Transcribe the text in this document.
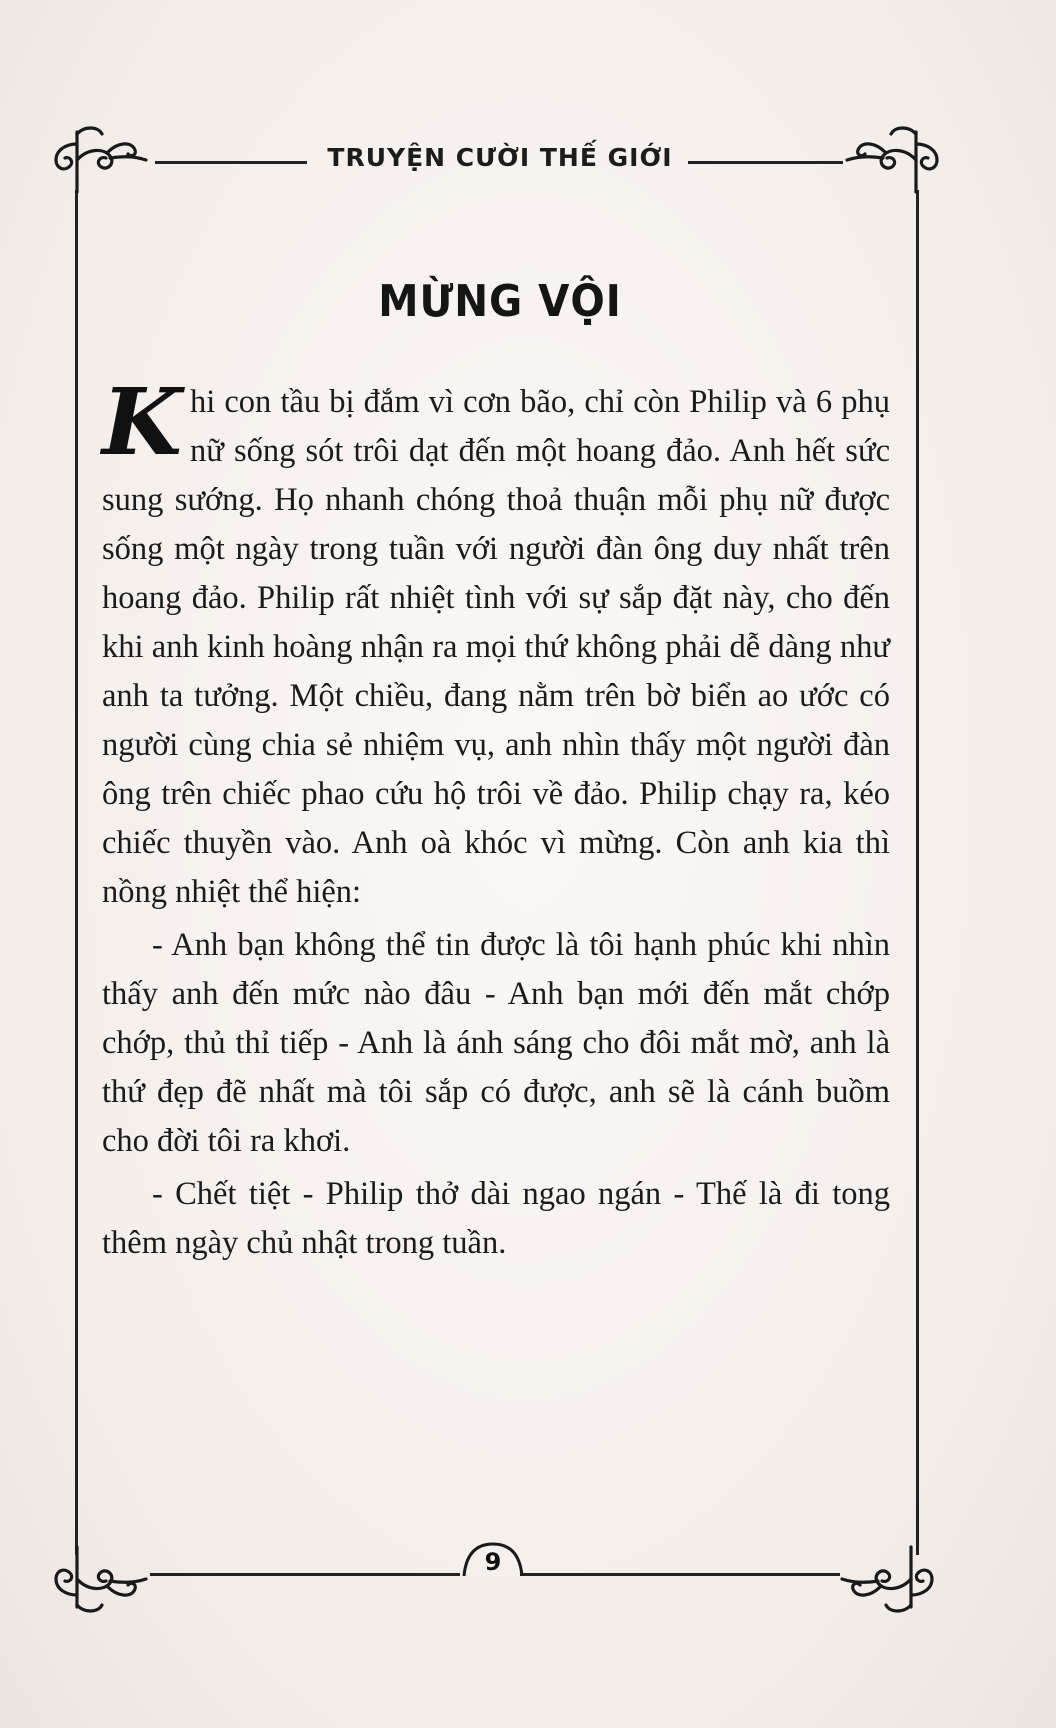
TRUYỆN CƯỜI THẾ GIỚI
MỪNG VỘI

Khi con tầu bị đắm vì cơn bão, chỉ còn Philip và 6 phụ nữ sống sót trôi dạt đến một hoang đảo. Anh hết sức sung sướng. Họ nhanh chóng thoả thuận mỗi phụ nữ được sống một ngày trong tuần với người đàn ông duy nhất trên hoang đảo. Philip rất nhiệt tình với sự sắp đặt này, cho đến khi anh kinh hoàng nhận ra mọi thứ không phải dễ dàng như anh ta tưởng. Một chiều, đang nằm trên bờ biển ao ước có người cùng chia sẻ nhiệm vụ, anh nhìn thấy một người đàn ông trên chiếc phao cứu hộ trôi về đảo. Philip chạy ra, kéo chiếc thuyền vào. Anh oà khóc vì mừng. Còn anh kia thì nồng nhiệt thể hiện:

- Anh bạn không thể tin được là tôi hạnh phúc khi nhìn thấy anh đến mức nào đâu - Anh bạn mới đến mắt chớp chớp, thủ thỉ tiếp - Anh là ánh sáng cho đôi mắt mờ, anh là thứ đẹp đẽ nhất mà tôi sắp có được, anh sẽ là cánh buồm cho đời tôi ra khơi.

- Chết tiệt - Philip thở dài ngao ngán - Thế là đi tong thêm ngày chủ nhật trong tuần.

9
